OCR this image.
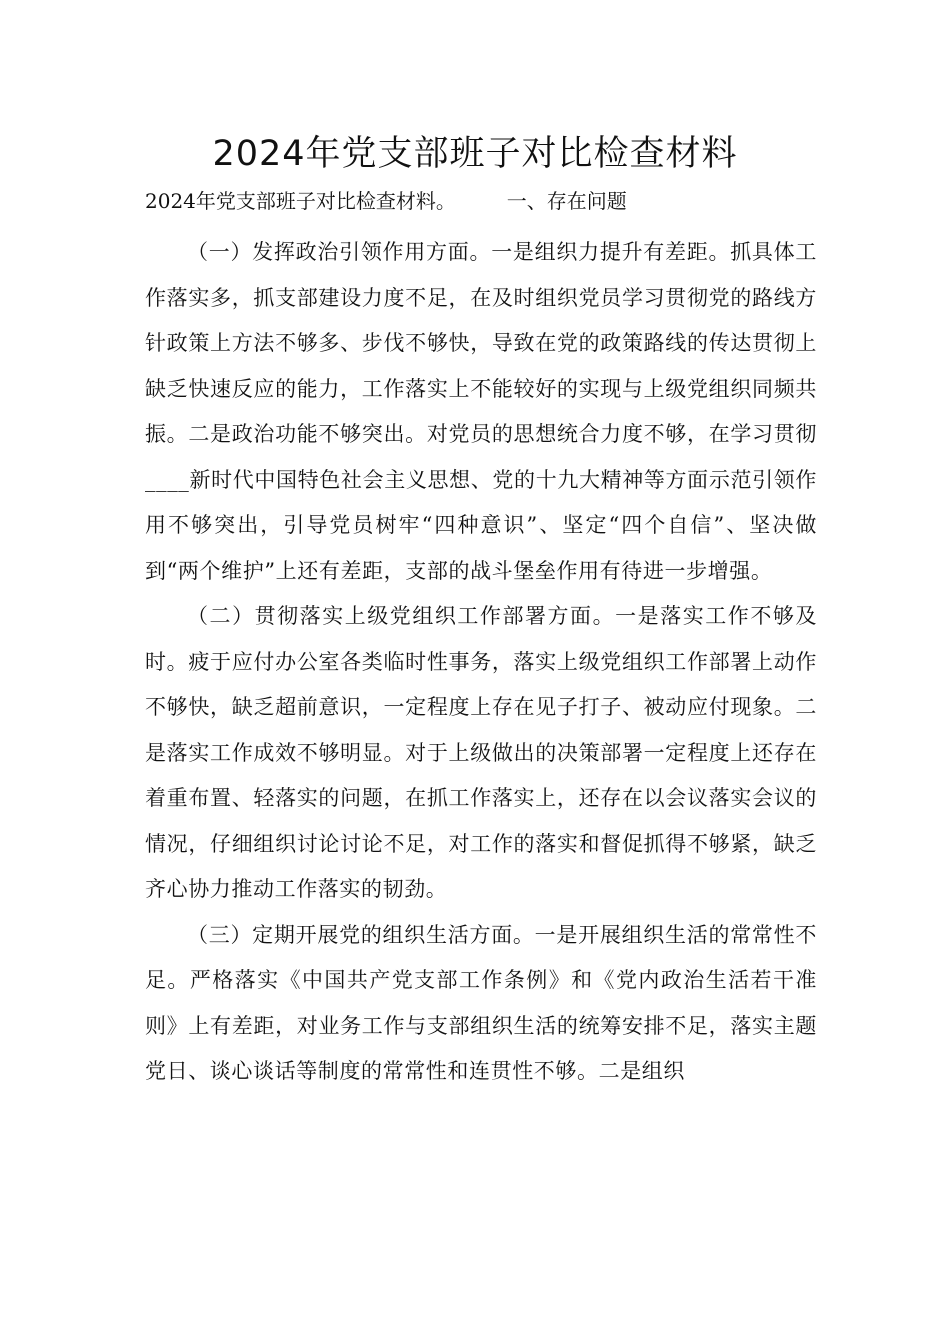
2024年党支部班子对比检查材料

2024年党支部班子对比检查材料。        一、存在问题

（一）发挥政治引领作用方面。一是组织力提升有差距。抓具体工作落实多，抓支部建设力度不足，在及时组织党员学习贯彻党的路线方针政策上方法不够多、步伐不够快，导致在党的政策路线的传达贯彻上缺乏快速反应的能力，工作落实上不能较好的实现与上级党组织同频共振。二是政治功能不够突出。对党员的思想统合力度不够，在学习贯彻____新时代中国特色社会主义思想、党的十九大精神等方面示范引领作用不够突出，引导党员树牢“四种意识”、坚定“四个自信”、坚决做到“两个维护”上还有差距，支部的战斗堡垒作用有待进一步增强。

（二）贯彻落实上级党组织工作部署方面。一是落实工作不够及时。疲于应付办公室各类临时性事务，落实上级党组织工作部署上动作不够快，缺乏超前意识，一定程度上存在见子打子、被动应付现象。二是落实工作成效不够明显。对于上级做出的决策部署一定程度上还存在着重布置、轻落实的问题，在抓工作落实上，还存在以会议落实会议的情况，仔细组织讨论讨论不足，对工作的落实和督促抓得不够紧，缺乏齐心协力推动工作落实的韧劲。

（三）定期开展党的组织生活方面。一是开展组织生活的常常性不足。严格落实《中国共产党支部工作条例》和《党内政治生活若干准则》上有差距，对业务工作与支部组织生活的统筹安排不足，落实主题党日、谈心谈话等制度的常常性和连贯性不够。二是组织
